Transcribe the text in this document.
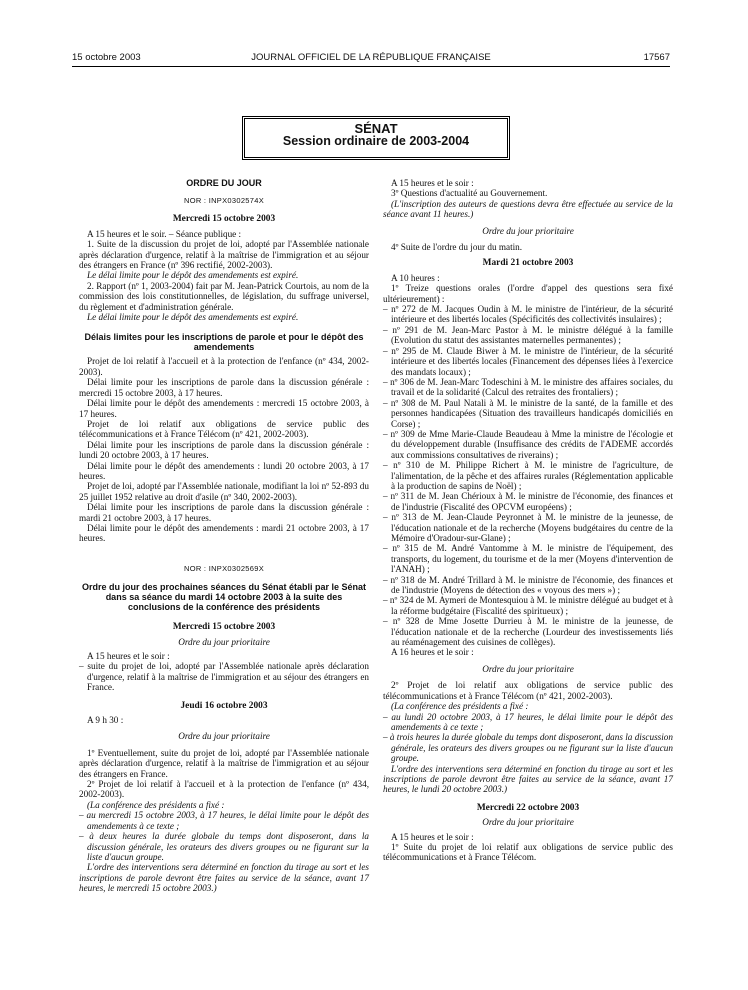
15 octobre 2003	JOURNAL OFFICIEL DE LA RÉPUBLIQUE FRANÇAISE	17567
SÉNAT
Session ordinaire de 2003-2004
ORDRE DU JOUR
NOR : INPX0302574X
Mercredi 15 octobre 2003

A 15 heures et le soir. – Séance publique :

1. Suite de la discussion du projet de loi, adopté par l'Assemblée nationale après déclaration d'urgence, relatif à la maîtrise de l'immigration et au séjour des étrangers en France (nº 396 rectifié, 2002-2003).

Le délai limite pour le dépôt des amendements est expiré.

2. Rapport (nº 1, 2003-2004) fait par M. Jean-Patrick Courtois, au nom de la commission des lois constitutionnelles, de législation, du suffrage universel, du règlement et d'administration générale.

Le délai limite pour le dépôt des amendements est expiré.

Délais limites pour les inscriptions de parole et pour le dépôt des amendements

Projet de loi relatif à l'accueil et à la protection de l'enfance (nº 434, 2002-2003).

Délai limite pour les inscriptions de parole dans la discussion générale : mercredi 15 octobre 2003, à 17 heures.

Délai limite pour le dépôt des amendements : mercredi 15 octobre 2003, à 17 heures.

Projet de loi relatif aux obligations de service public des télécommunications et à France Télécom (nº 421, 2002-2003).

Délai limite pour les inscriptions de parole dans la discussion générale : lundi 20 octobre 2003, à 17 heures.

Délai limite pour le dépôt des amendements : lundi 20 octobre 2003, à 17 heures.

Projet de loi, adopté par l'Assemblée nationale, modifiant la loi nº 52-893 du 25 juillet 1952 relative au droit d'asile (nº 340, 2002-2003).

Délai limite pour les inscriptions de parole dans la discussion générale : mardi 21 octobre 2003, à 17 heures.

Délai limite pour le dépôt des amendements : mardi 21 octobre 2003, à 17 heures.

NOR : INPX0302569X
Ordre du jour des prochaines séances du Sénat établi par le Sénat dans sa séance du mardi 14 octobre 2003 à la suite des conclusions de la conférence des présidents
Mercredi 15 octobre 2003

Ordre du jour prioritaire

A 15 heures et le soir :

– suite du projet de loi, adopté par l'Assemblée nationale après déclaration d'urgence, relatif à la maîtrise de l'immigration et au séjour des étrangers en France.

Jeudi 16 octobre 2003

A 9 h 30 :

Ordre du jour prioritaire

1º Eventuellement, suite du projet de loi, adopté par l'Assemblée nationale après déclaration d'urgence, relatif à la maîtrise de l'immigration et au séjour des étrangers en France.

2º Projet de loi relatif à l'accueil et à la protection de l'enfance (nº 434, 2002-2003).

(La conférence des présidents a fixé :

– au mercredi 15 octobre 2003, à 17 heures, le délai limite pour le dépôt des amendements à ce texte ;

– à deux heures la durée globale du temps dont disposeront, dans la discussion générale, les orateurs des divers groupes ou ne figurant sur la liste d'aucun groupe.

L'ordre des interventions sera déterminé en fonction du tirage au sort et les inscriptions de parole devront être faites au service de la séance, avant 17 heures, le mercredi 15 octobre 2003.)

A 15 heures et le soir :

3º Questions d'actualité au Gouvernement.

(L'inscription des auteurs de questions devra être effectuée au service de la séance avant 11 heures.)

Ordre du jour prioritaire

4º Suite de l'ordre du jour du matin.

Mardi 21 octobre 2003

A 10 heures :

1º Treize questions orales (l'ordre d'appel des questions sera fixé ultérieurement) :

– nº 272 de M. Jacques Oudin à M. le ministre de l'intérieur, de la sécurité intérieure et des libertés locales (Spécificités des collectivités insulaires) ;

– nº 291 de M. Jean-Marc Pastor à M. le ministre délégué à la famille (Evolution du statut des assistantes maternelles permanentes) ;

– nº 295 de M. Claude Biwer à M. le ministre de l'intérieur, de la sécurité intérieure et des libertés locales (Financement des dépenses liées à l'exercice des mandats locaux) ;

– nº 306 de M. Jean-Marc Todeschini à M. le ministre des affaires sociales, du travail et de la solidarité (Calcul des retraites des frontaliers) ;

– nº 308 de M. Paul Natali à M. le ministre de la santé, de la famille et des personnes handicapées (Situation des travailleurs handicapés domiciliés en Corse) ;

– nº 309 de Mme Marie-Claude Beaudeau à Mme la ministre de l'écologie et du développement durable (Insuffisance des crédits de l'ADEME accordés aux commissions consultatives de riverains) ;

– nº 310 de M. Philippe Richert à M. le ministre de l'agriculture, de l'alimentation, de la pêche et des affaires rurales (Réglementation applicable à la production de sapins de Noël) ;

– nº 311 de M. Jean Chérioux à M. le ministre de l'économie, des finances et de l'industrie (Fiscalité des OPCVM européens) ;

– nº 313 de M. Jean-Claude Peyronnet à M. le ministre de la jeunesse, de l'éducation nationale et de la recherche (Moyens budgétaires du centre de la Mémoire d'Oradour-sur-Glane) ;

– nº 315 de M. André Vantomme à M. le ministre de l'équipement, des transports, du logement, du tourisme et de la mer (Moyens d'intervention de l'ANAH) ;

– nº 318 de M. André Trillard à M. le ministre de l'économie, des finances et de l'industrie (Moyens de détection des « voyous des mers ») ;

– nº 324 de M. Aymeri de Montesquiou à M. le ministre délégué au budget et à la réforme budgétaire (Fiscalité des spiritueux) ;

– nº 328 de Mme Josette Durrieu à M. le ministre de la jeunesse, de l'éducation nationale et de la recherche (Lourdeur des investissements liés au réaménagement des cuisines de collèges).

A 16 heures et le soir :

Ordre du jour prioritaire

2º Projet de loi relatif aux obligations de service public des télécommunications et à France Télécom (nº 421, 2002-2003).

(La conférence des présidents a fixé :

– au lundi 20 octobre 2003, à 17 heures, le délai limite pour le dépôt des amendements à ce texte ;

– à trois heures la durée globale du temps dont disposeront, dans la discussion générale, les orateurs des divers groupes ou ne figurant sur la liste d'aucun groupe.

L'ordre des interventions sera déterminé en fonction du tirage au sort et les inscriptions de parole devront être faites au service de la séance, avant 17 heures, le lundi 20 octobre 2003.)

Mercredi 22 octobre 2003

Ordre du jour prioritaire

A 15 heures et le soir :

1º Suite du projet de loi relatif aux obligations de service public des télécommunications et à France Télécom.
